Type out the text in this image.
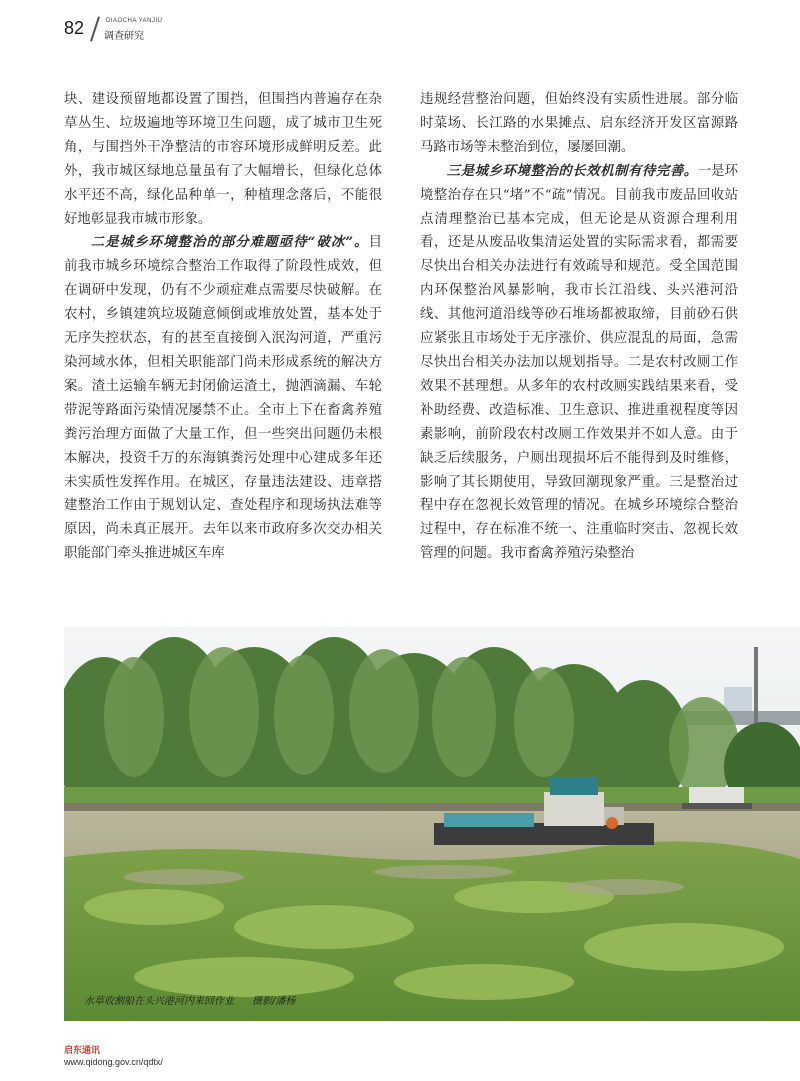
82	DIAOCHA YANJIU
调查研究

块、建设预留地都设置了围挡，但围挡内普遍存在杂草丛生、垃圾遍地等环境卫生问题，成了城市卫生死角，与围挡外干净整洁的市容环境形成鲜明反差。此外，我市城区绿地总量虽有了大幅增长，但绿化总体水平还不高，绿化品种单一，种植理念落后，不能很好地彰显我市城市形象。

二是城乡环境整治的部分难题亟待“破冰”。目前我市城乡环境综合整治工作取得了阶段性成效，但在调研中发现，仍有不少顽症难点需要尽快破解。在农村，乡镇建筑垃圾随意倾倒或堆放处置，基本处于无序失控状态，有的甚至直接倒入泯沟河道，严重污染河域水体，但相关职能部门尚未形成系统的解决方案。渣土运输车辆无封闭偷运渣土，抛洒滴漏、车轮带泥等路面污染情况屡禁不止。全市上下在畜禽养殖粪污治理方面做了大量工作，但一些突出问题仍未根本解决，投资千万的东海镇粪污处理中心建成多年还未实质性发挥作用。在城区，存量违法建设、违章搭建整治工作由于规划认定、查处程序和现场执法难等原因，尚未真正展开。去年以来市政府多次交办相关职能部门牵头推进城区车库

违规经营整治问题，但始终没有实质性进展。部分临时菜场、长江路的水果摊点、启东经济开发区富源路马路市场等未整治到位，屡屡回潮。

三是城乡环境整治的长效机制有待完善。一是环境整治存在只“堵”不“疏”情况。目前我市废品回收站点清理整治已基本完成，但无论是从资源合理利用看，还是从废品收集清运处置的实际需求看，都需要尽快出台相关办法进行有效疏导和规范。受全国范围内环保整治风暴影响，我市长江沿线、头兴港河沿线、其他河道沿线等砂石堆场都被取缔，目前砂石供应紧张且市场处于无序涨价、供应混乱的局面，急需尽快出台相关办法加以规划指导。二是农村改厕工作效果不甚理想。从多年的农村改厕实践结果来看，受补助经费、改造标准、卫生意识、推进重视程度等因素影响，前阶段农村改厕工作效果并不如人意。由于缺乏后续服务，户厕出现损坏后不能得到及时维修，影响了其长期使用，导致回潮现象严重。三是整治过程中存在忽视长效管理的情况。在城乡环境综合整治过程中，存在标准不统一、注重临时突击、忽视长效管理的问题。我市畜禽养殖污染整治

水草收割船在头兴港河内来回作业 摄影/潘杨
启东通讯
www.qidong.gov.cn/qdtx/
